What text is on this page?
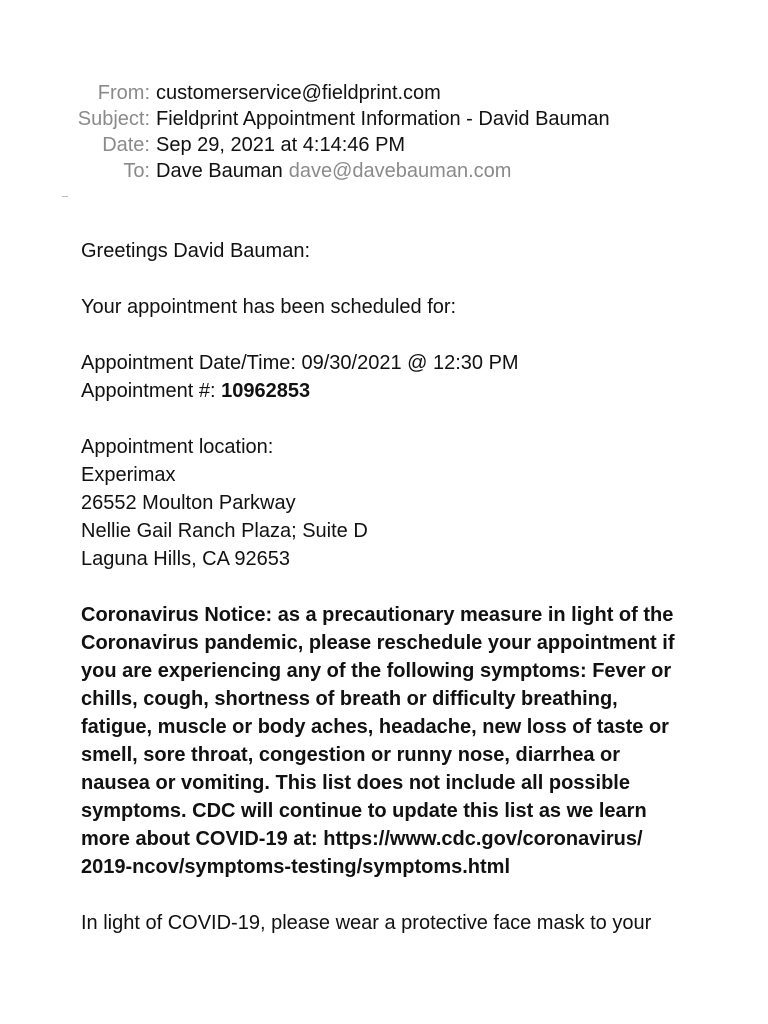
From: customerservice@fieldprint.com
Subject: Fieldprint Appointment Information - David Bauman
Date: Sep 29, 2021 at 4:14:46 PM
To: Dave Bauman dave@davebauman.com

Greetings David Bauman:

Your appointment has been scheduled for:

Appointment Date/Time: 09/30/2021 @ 12:30 PM
Appointment #: 10962853

Appointment location:
Experimax
26552 Moulton Parkway
Nellie Gail Ranch Plaza; Suite D
Laguna Hills, CA 92653

Coronavirus Notice: as a precautionary measure in light of the
Coronavirus pandemic, please reschedule your appointment if
you are experiencing any of the following symptoms: Fever or
chills, cough, shortness of breath or difficulty breathing,
fatigue, muscle or body aches, headache, new loss of taste or
smell, sore throat, congestion or runny nose, diarrhea or
nausea or vomiting. This list does not include all possible
symptoms. CDC will continue to update this list as we learn
more about COVID-19 at: https://www.cdc.gov/coronavirus/
2019-ncov/symptoms-testing/symptoms.html

In light of COVID-19, please wear a protective face mask to your
